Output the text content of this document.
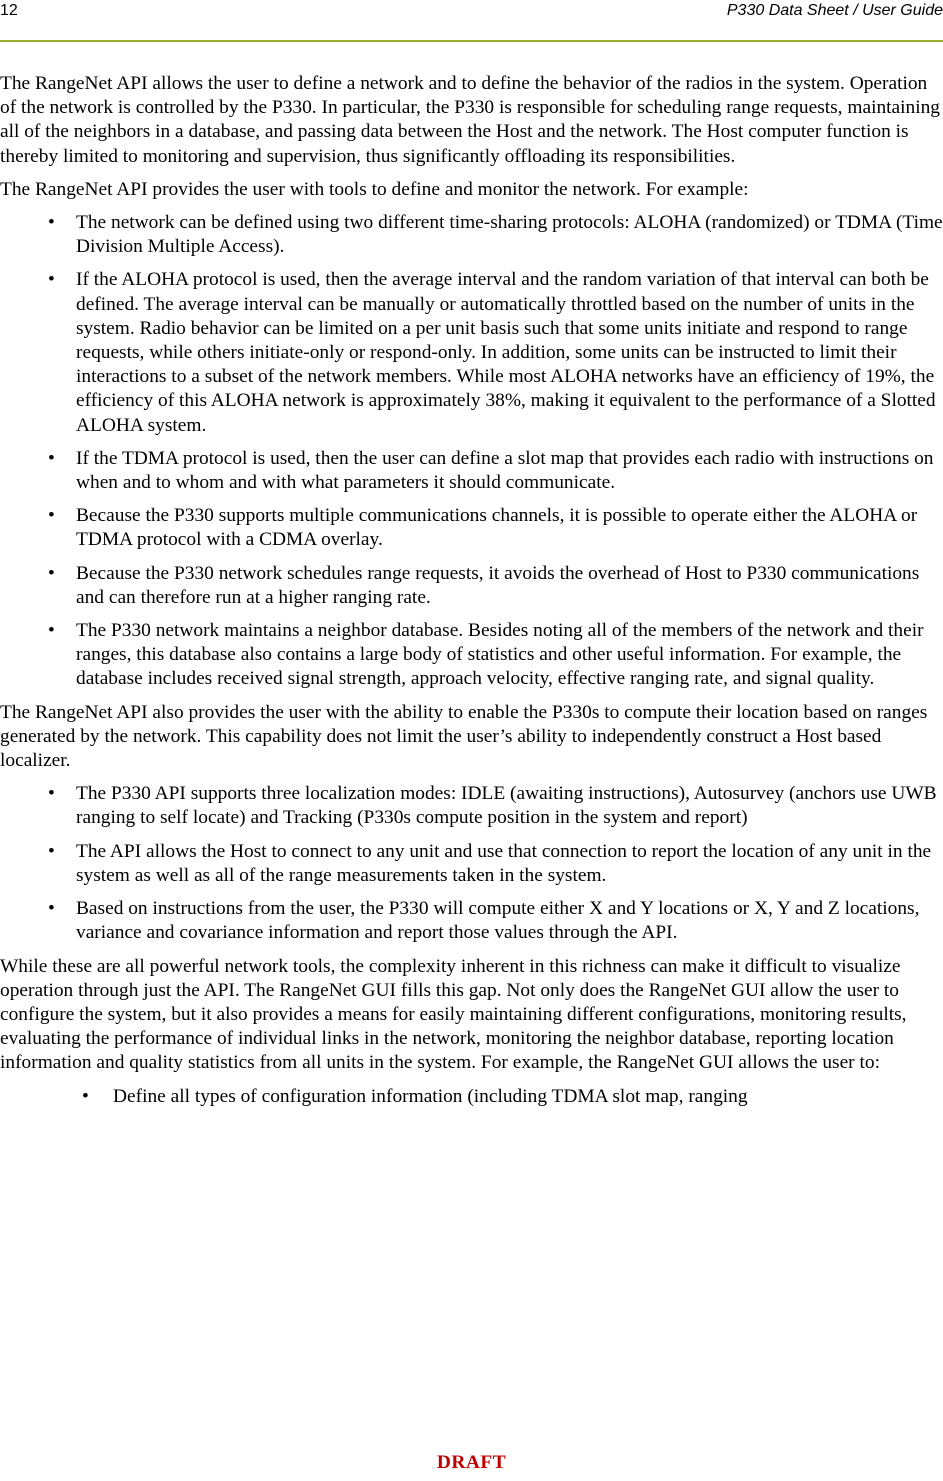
12	P330 Data Sheet / User Guide

The RangeNet API allows the user to define a network and to define the behavior of the radios in the system. Operation of the network is controlled by the P330. In particular, the P330 is responsible for scheduling range requests, maintaining all of the neighbors in a database, and passing data between the Host and the network. The Host computer function is thereby limited to monitoring and supervision, thus significantly offloading its responsibilities.

The RangeNet API provides the user with tools to define and monitor the network. For example:

• The network can be defined using two different time-sharing protocols: ALOHA (randomized) or TDMA (Time Division Multiple Access).
• If the ALOHA protocol is used, then the average interval and the random variation of that interval can both be defined. The average interval can be manually or automatically throttled based on the number of units in the system. Radio behavior can be limited on a per unit basis such that some units initiate and respond to range requests, while others initiate-only or respond-only. In addition, some units can be instructed to limit their interactions to a subset of the network members. While most ALOHA networks have an efficiency of 19%, the efficiency of this ALOHA network is approximately 38%, making it equivalent to the performance of a Slotted ALOHA system.
• If the TDMA protocol is used, then the user can define a slot map that provides each radio with instructions on when and to whom and with what parameters it should communicate.
• Because the P330 supports multiple communications channels, it is possible to operate either the ALOHA or TDMA protocol with a CDMA overlay.
• Because the P330 network schedules range requests, it avoids the overhead of Host to P330 communications and can therefore run at a higher ranging rate.
• The P330 network maintains a neighbor database. Besides noting all of the members of the network and their ranges, this database also contains a large body of statistics and other useful information. For example, the database includes received signal strength, approach velocity, effective ranging rate, and signal quality.

The RangeNet API also provides the user with the ability to enable the P330s to compute their location based on ranges generated by the network. This capability does not limit the user’s ability to independently construct a Host based localizer.

• The P330 API supports three localization modes: IDLE (awaiting instructions), Autosurvey (anchors use UWB ranging to self locate) and Tracking (P330s compute position in the system and report)
• The API allows the Host to connect to any unit and use that connection to report the location of any unit in the system as well as all of the range measurements taken in the system.
• Based on instructions from the user, the P330 will compute either X and Y locations or X, Y and Z locations, variance and covariance information and report those values through the API.

While these are all powerful network tools, the complexity inherent in this richness can make it difficult to visualize operation through just the API. The RangeNet GUI fills this gap. Not only does the RangeNet GUI allow the user to configure the system, but it also provides a means for easily maintaining different configurations, monitoring results, evaluating the performance of individual links in the network, monitoring the neighbor database, reporting location information and quality statistics from all units in the system. For example, the RangeNet GUI allows the user to:

• Define all types of configuration information (including TDMA slot map, ranging
DRAFT
